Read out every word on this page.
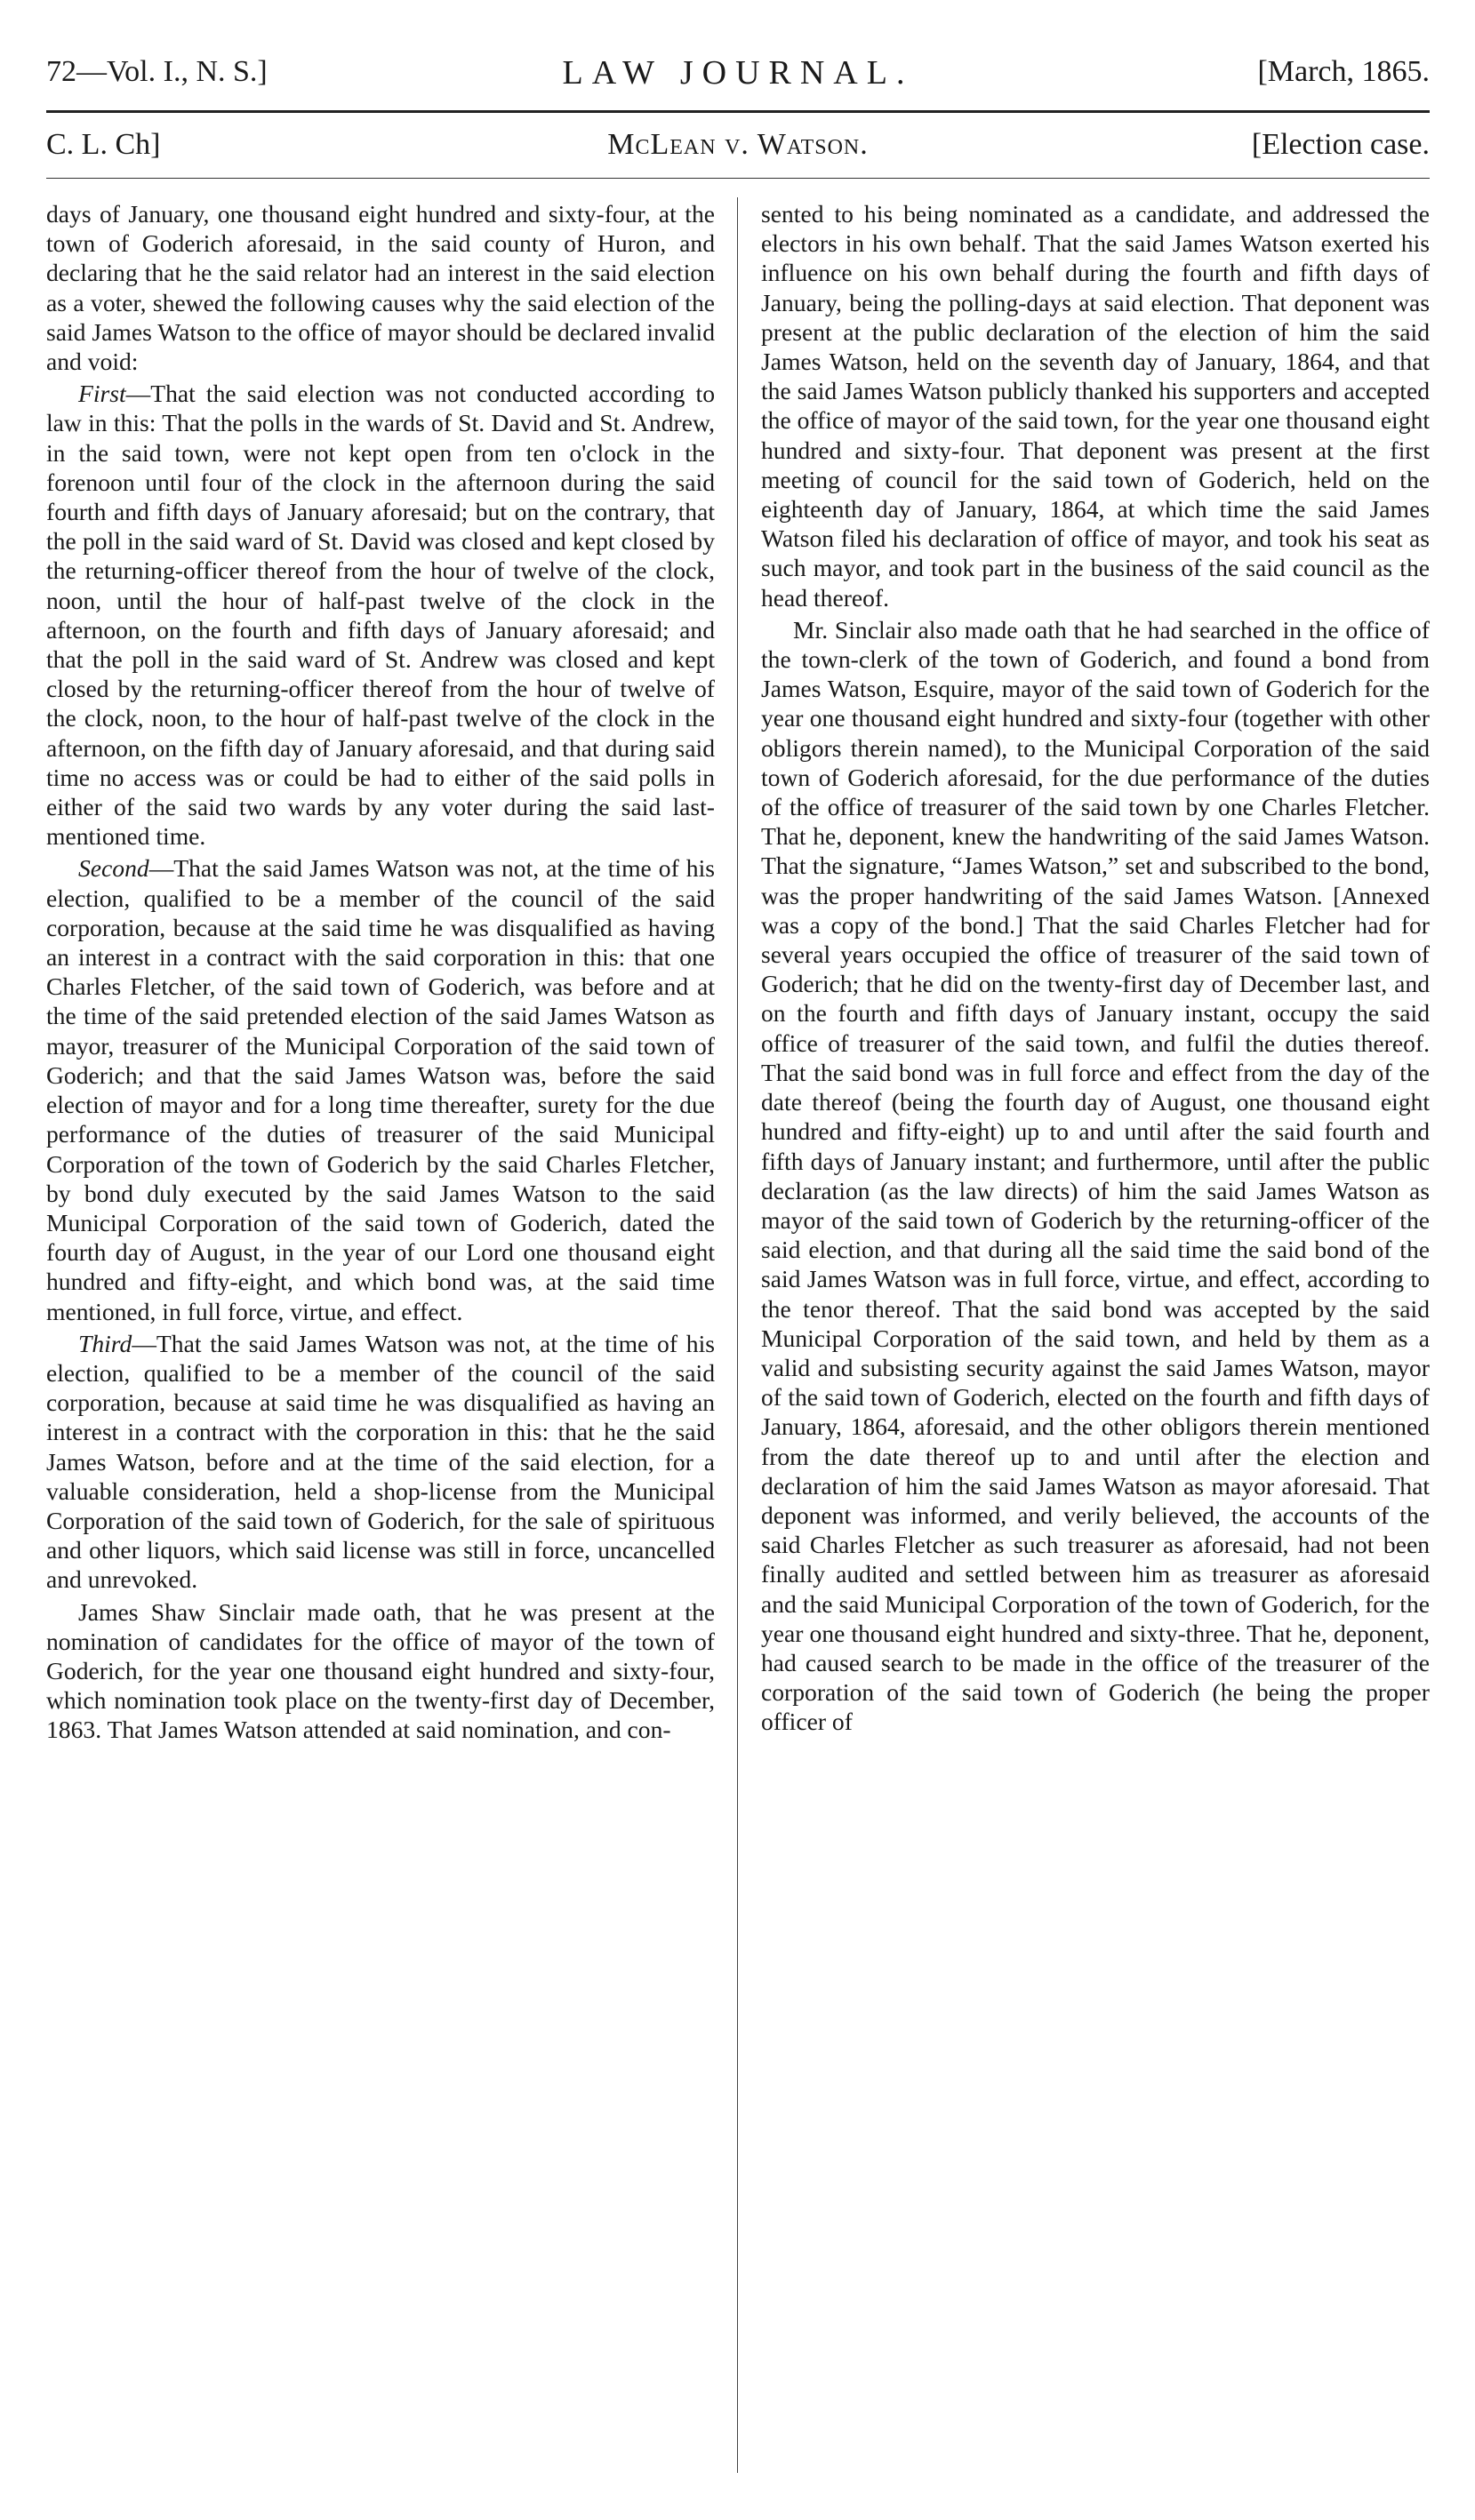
72—Vol. I., N. S.]	LAW JOURNAL.	[March, 1865.
C. L. Ch]	McLean v. Watson.	[Election case.

days of January, one thousand eight hundred and sixty-four, at the town of Goderich aforesaid, in the said county of Huron, and declaring that he the said relator had an interest in the said election as a voter, shewed the following causes why the said election of the said James Watson to the office of mayor should be declared invalid and void:

First—That the said election was not conducted according to law in this: That the polls in the wards of St. David and St. Andrew, in the said town, were not kept open from ten o'clock in the forenoon until four of the clock in the afternoon during the said fourth and fifth days of January aforesaid; but on the contrary, that the poll in the said ward of St. David was closed and kept closed by the returning-officer thereof from the hour of twelve of the clock, noon, until the hour of half-past twelve of the clock in the afternoon, on the fourth and fifth days of January aforesaid; and that the poll in the said ward of St. Andrew was closed and kept closed by the returning-officer thereof from the hour of twelve of the clock, noon, to the hour of half-past twelve of the clock in the afternoon, on the fifth day of January aforesaid, and that during said time no access was or could be had to either of the said polls in either of the said two wards by any voter during the said last-mentioned time.

Second—That the said James Watson was not, at the time of his election, qualified to be a member of the council of the said corporation, because at the said time he was disqualified as having an interest in a contract with the said corporation in this: that one Charles Fletcher, of the said town of Goderich, was before and at the time of the said pretended election of the said James Watson as mayor, treasurer of the Municipal Corporation of the said town of Goderich; and that the said James Watson was, before the said election of mayor and for a long time thereafter, surety for the due performance of the duties of treasurer of the said Municipal Corporation of the town of Goderich by the said Charles Fletcher, by bond duly executed by the said James Watson to the said Municipal Corporation of the said town of Goderich, dated the fourth day of August, in the year of our Lord one thousand eight hundred and fifty-eight, and which bond was, at the said time mentioned, in full force, virtue, and effect.

Third—That the said James Watson was not, at the time of his election, qualified to be a member of the council of the said corporation, because at said time he was disqualified as having an interest in a contract with the corporation in this: that he the said James Watson, before and at the time of the said election, for a valuable consideration, held a shop-license from the Municipal Corporation of the said town of Goderich, for the sale of spirituous and other liquors, which said license was still in force, uncancelled and unrevoked.

James Shaw Sinclair made oath, that he was present at the nomination of candidates for the office of mayor of the town of Goderich, for the year one thousand eight hundred and sixty-four, which nomination took place on the twenty-first day of December, 1863. That James Watson attended at said nomination, and con-

sented to his being nominated as a candidate, and addressed the electors in his own behalf. That the said James Watson exerted his influence on his own behalf during the fourth and fifth days of January, being the polling-days at said election. That deponent was present at the public declaration of the election of him the said James Watson, held on the seventh day of January, 1864, and that the said James Watson publicly thanked his supporters and accepted the office of mayor of the said town, for the year one thousand eight hundred and sixty-four. That deponent was present at the first meeting of council for the said town of Goderich, held on the eighteenth day of January, 1864, at which time the said James Watson filed his declaration of office of mayor, and took his seat as such mayor, and took part in the business of the said council as the head thereof.

Mr. Sinclair also made oath that he had searched in the office of the town-clerk of the town of Goderich, and found a bond from James Watson, Esquire, mayor of the said town of Goderich for the year one thousand eight hundred and sixty-four (together with other obligors therein named), to the Municipal Corporation of the said town of Goderich aforesaid, for the due performance of the duties of the office of treasurer of the said town by one Charles Fletcher. That he, deponent, knew the handwriting of the said James Watson. That the signature, “James Watson,” set and subscribed to the bond, was the proper handwriting of the said James Watson. [Annexed was a copy of the bond.] That the said Charles Fletcher had for several years occupied the office of treasurer of the said town of Goderich; that he did on the twenty-first day of December last, and on the fourth and fifth days of January instant, occupy the said office of treasurer of the said town, and fulfil the duties thereof. That the said bond was in full force and effect from the day of the date thereof (being the fourth day of August, one thousand eight hundred and fifty-eight) up to and until after the said fourth and fifth days of January instant; and furthermore, until after the public declaration (as the law directs) of him the said James Watson as mayor of the said town of Goderich by the returning-officer of the said election, and that during all the said time the said bond of the said James Watson was in full force, virtue, and effect, according to the tenor thereof. That the said bond was accepted by the said Municipal Corporation of the said town, and held by them as a valid and subsisting security against the said James Watson, mayor of the said town of Goderich, elected on the fourth and fifth days of January, 1864, aforesaid, and the other obligors therein mentioned from the date thereof up to and until after the election and declaration of him the said James Watson as mayor aforesaid. That deponent was informed, and verily believed, the accounts of the said Charles Fletcher as such treasurer as aforesaid, had not been finally audited and settled between him as treasurer as aforesaid and the said Municipal Corporation of the town of Goderich, for the year one thousand eight hundred and sixty-three. That he, deponent, had caused search to be made in the office of the treasurer of the corporation of the said town of Goderich (he being the proper officer of
